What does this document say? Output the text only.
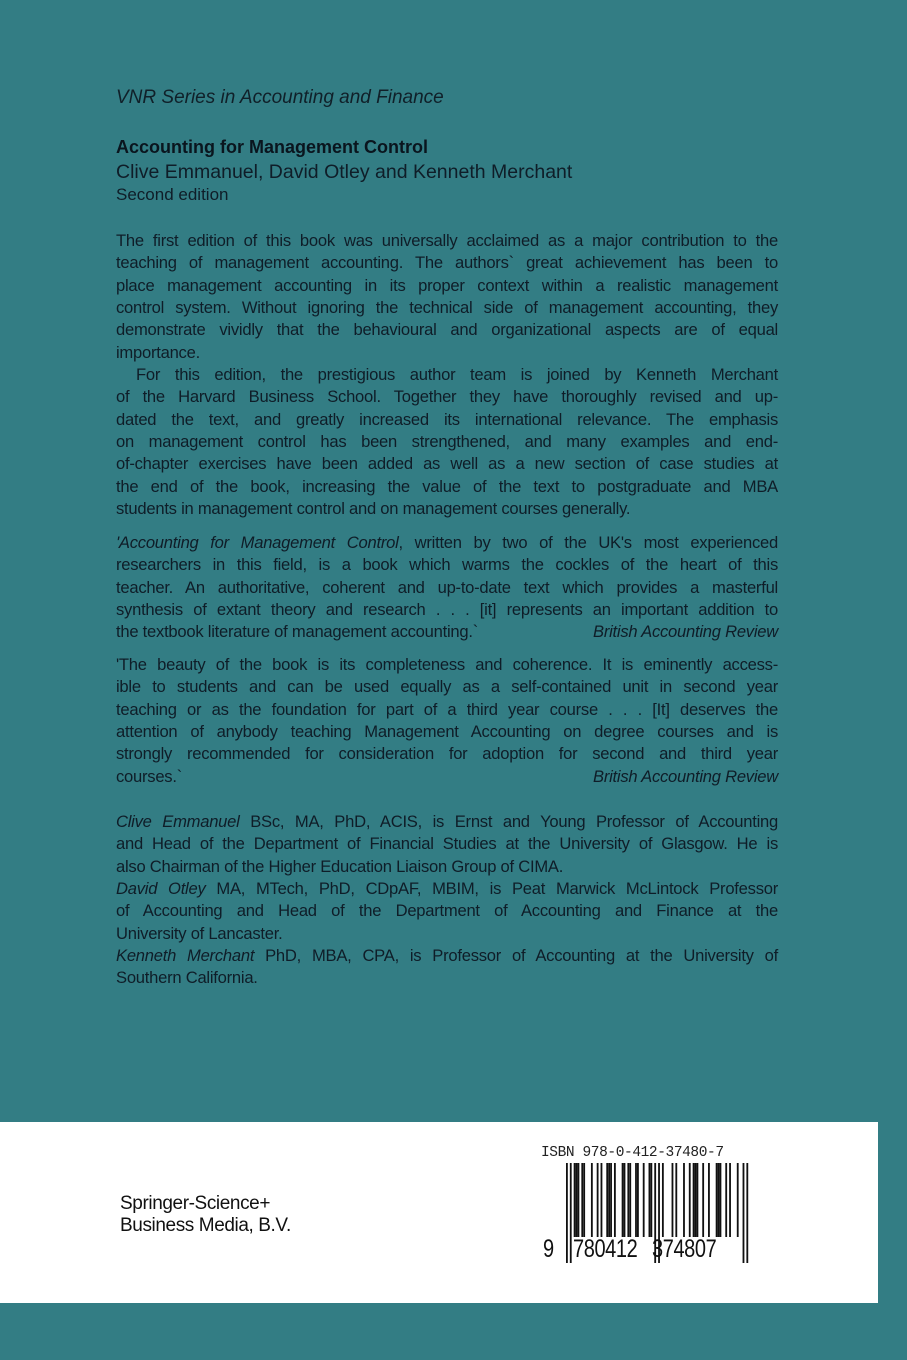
VNR Series in Accounting and Finance
Accounting for Management Control
Clive Emmanuel, David Otley and Kenneth Merchant
Second edition
The first edition of this book was universally acclaimed as a major contribution to the
teaching of management accounting. The authors` great achievement has been to
place management accounting in its proper context within a realistic management
control system. Without ignoring the technical side of management accounting, they
demonstrate vividly that the behavioural and organizational aspects are of equal
importance.
For this edition, the prestigious author team is joined by Kenneth Merchant
of the Harvard Business School. Together they have thoroughly revised and up-
dated the text, and greatly increased its international relevance. The emphasis
on management control has been strengthened, and many examples and end-
of-chapter exercises have been added as well as a new section of case studies at
the end of the book, increasing the value of the text to postgraduate and MBA
students in management control and on management courses generally.
'Accounting for Management Control, written by two of the UK's most experienced
researchers in this field, is a book which warms the cockles of the heart of this
teacher. An authoritative, coherent and up-to-date text which provides a masterful
synthesis of extant theory and research . . . [it] represents an important addition to
the textbook literature of management accounting.`	British Accounting Review
'The beauty of the book is its completeness and coherence. It is eminently access-
ible to students and can be used equally as a self-contained unit in second year
teaching or as the foundation for part of a third year course . . . [It] deserves the
attention of anybody teaching Management Accounting on degree courses and is
strongly recommended for consideration for adoption for second and third year
courses.`	British Accounting Review
Clive Emmanuel BSc, MA, PhD, ACIS, is Ernst and Young Professor of Accounting
and Head of the Department of Financial Studies at the University of Glasgow. He is
also Chairman of the Higher Education Liaison Group of CIMA.
David Otley MA, MTech, PhD, CDpAF, MBIM, is Peat Marwick McLintock Professor
of Accounting and Head of the Department of Accounting and Finance at the
University of Lancaster.
Kenneth Merchant PhD, MBA, CPA, is Professor of Accounting at the University of
Southern California.
Springer-Science+
Business Media, B.V.
ISBN 978-0-412-37480-7
9 780412 374807
